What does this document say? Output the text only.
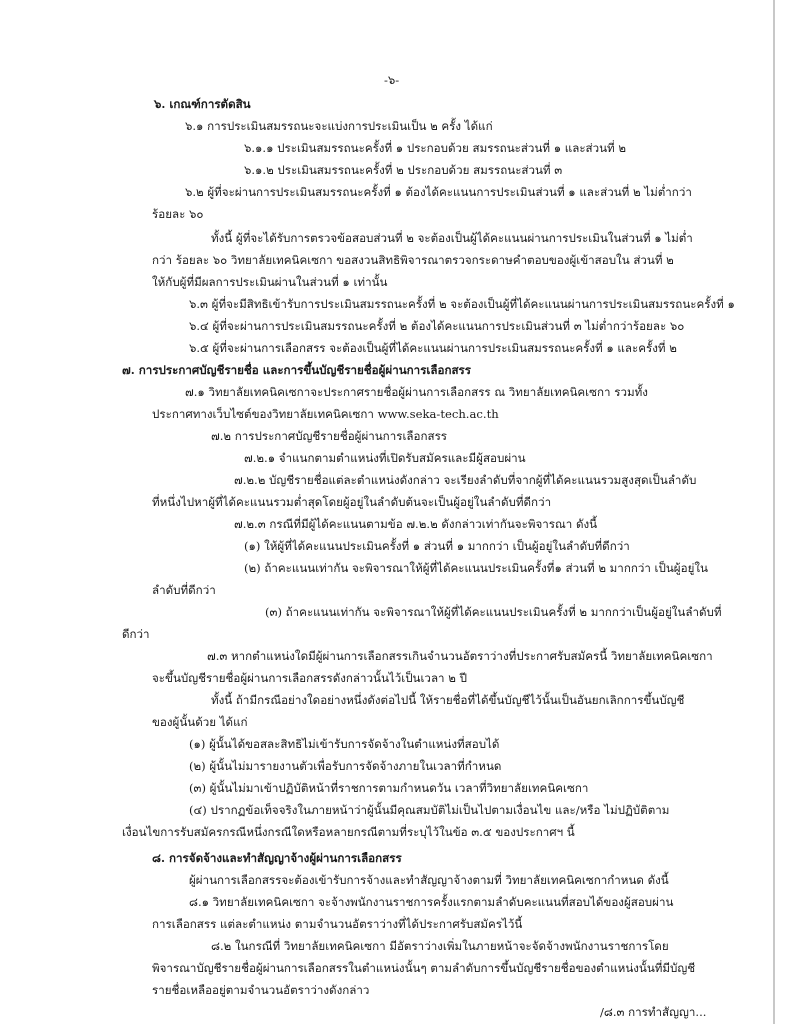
-๖-

๖. เกณฑ์การตัดสิน

๖.๑ การประเมินสมรรถนะจะแบ่งการประเมินเป็น ๒ ครั้ง ได้แก่

๖.๑.๑ ประเมินสมรรถนะครั้งที่ ๑ ประกอบด้วย สมรรถนะส่วนที่ ๑ และส่วนที่ ๒

๖.๑.๒ ประเมินสมรรถนะครั้งที่ ๒ ประกอบด้วย สมรรถนะส่วนที่ ๓

๖.๒ ผู้ที่จะผ่านการประเมินสมรรถนะครั้งที่ ๑ ต้องได้คะแนนการประเมินส่วนที่ ๑ และส่วนที่ ๒ ไม่ต่ำกว่า

ร้อยละ ๖๐

ทั้งนี้ ผู้ที่จะได้รับการตรวจข้อสอบส่วนที่ ๒ จะต้องเป็นผู้ได้คะแนนผ่านการประเมินในส่วนที่ ๑ ไม่ต่ำ

กว่า ร้อยละ ๖๐ วิทยาลัยเทคนิคเซกา ขอสงวนสิทธิพิจารณาตรวจกระดาษคำตอบของผู้เข้าสอบใน ส่วนที่ ๒

ให้กับผู้ที่มีผลการประเมินผ่านในส่วนที่ ๑ เท่านั้น

๖.๓ ผู้ที่จะมีสิทธิเข้ารับการประเมินสมรรถนะครั้งที่ ๒ จะต้องเป็นผู้ที่ได้คะแนนผ่านการประเมินสมรรถนะครั้งที่ ๑

๖.๔ ผู้ที่จะผ่านการประเมินสมรรถนะครั้งที่ ๒ ต้องได้คะแนนการประเมินส่วนที่ ๓ ไม่ต่ำกว่าร้อยละ ๖๐

๖.๕ ผู้ที่จะผ่านการเลือกสรร จะต้องเป็นผู้ที่ได้คะแนนผ่านการประเมินสมรรถนะครั้งที่ ๑ และครั้งที่ ๒

๗. การประกาศบัญชีรายชื่อ และการขึ้นบัญชีรายชื่อผู้ผ่านการเลือกสรร

๗.๑ วิทยาลัยเทคนิคเซกาจะประกาศรายชื่อผู้ผ่านการเลือกสรร ณ วิทยาลัยเทคนิคเซกา รวมทั้ง

ประกาศทางเว็บไซต์ของวิทยาลัยเทคนิคเซกา www.seka-tech.ac.th

๗.๒ การประกาศบัญชีรายชื่อผู้ผ่านการเลือกสรร

๗.๒.๑ จำแนกตามตำแหน่งที่เปิดรับสมัครและมีผู้สอบผ่าน

๗.๒.๒ บัญชีรายชื่อแต่ละตำแหน่งดังกล่าว จะเรียงลำดับที่จากผู้ที่ได้คะแนนรวมสูงสุดเป็นลำดับ

ที่หนึ่งไปหาผู้ที่ได้คะแนนรวมต่ำสุดโดยผู้อยู่ในลำดับต้นจะเป็นผู้อยู่ในลำดับที่ดีกว่า

๗.๒.๓ กรณีที่มีผู้ได้คะแนนตามข้อ ๗.๒.๒ ดังกล่าวเท่ากันจะพิจารณา ดังนี้

(๑) ให้ผู้ที่ได้คะแนนประเมินครั้งที่ ๑ ส่วนที่ ๑ มากกว่า เป็นผู้อยู่ในลำดับที่ดีกว่า

(๒) ถ้าคะแนนเท่ากัน จะพิจารณาให้ผู้ที่ได้คะแนนประเมินครั้งที่๑ ส่วนที่ ๒ มากกว่า เป็นผู้อยู่ใน

ลำดับที่ดีกว่า

(๓) ถ้าคะแนนเท่ากัน จะพิจารณาให้ผู้ที่ได้คะแนนประเมินครั้งที่ ๒ มากกว่าเป็นผู้อยู่ในลำดับที่

ดีกว่า

๗.๓ หากตำแหน่งใดมีผู้ผ่านการเลือกสรรเกินจำนวนอัตราว่างที่ประกาศรับสมัครนี้ วิทยาลัยเทคนิคเซกา

จะขึ้นบัญชีรายชื่อผู้ผ่านการเลือกสรรดังกล่าวนั้นไว้เป็นเวลา ๒ ปี

ทั้งนี้ ถ้ามีกรณีอย่างใดอย่างหนึ่งดังต่อไปนี้ ให้รายชื่อที่ได้ขึ้นบัญชีไว้นั้นเป็นอันยกเลิกการขึ้นบัญชี

ของผู้นั้นด้วย ได้แก่

(๑) ผู้นั้นได้ขอสละสิทธิไม่เข้ารับการจัดจ้างในตำแหน่งที่สอบได้

(๒) ผู้นั้นไม่มารายงานตัวเพื่อรับการจัดจ้างภายในเวลาที่กำหนด

(๓) ผู้นั้นไม่มาเข้าปฏิบัติหน้าที่ราชการตามกำหนดวัน เวลาที่วิทยาลัยเทคนิคเซกา

(๔) ปรากฏข้อเท็จจริงในภายหน้าว่าผู้นั้นมีคุณสมบัติไม่เป็นไปตามเงื่อนไข และ/หรือ ไม่ปฏิบัติตาม

เงื่อนไขการรับสมัครกรณีหนึ่งกรณีใดหรือหลายกรณีตามที่ระบุไว้ในข้อ ๓.๕ ของประกาศฯ นี้

๘. การจัดจ้างและทำสัญญาจ้างผู้ผ่านการเลือกสรร

ผู้ผ่านการเลือกสรรจะต้องเข้ารับการจ้างและทำสัญญาจ้างตามที่ วิทยาลัยเทคนิคเซกากำหนด ดังนี้

๘.๑ วิทยาลัยเทคนิคเซกา จะจ้างพนักงานราชการครั้งแรกตามลำดับคะแนนที่สอบได้ของผู้สอบผ่าน

การเลือกสรร แต่ละตำแหน่ง ตามจำนวนอัตราว่างที่ได้ประกาศรับสมัครไว้นี้

๘.๒ ในกรณีที่ วิทยาลัยเทคนิคเซกา มีอัตราว่างเพิ่มในภายหน้าจะจัดจ้างพนักงานราชการโดย

พิจารณาบัญชีรายชื่อผู้ผ่านการเลือกสรรในตำแหน่งนั้นๆ ตามลำดับการขึ้นบัญชีรายชื่อของตำแหน่งนั้นที่มีบัญชี

รายชื่อเหลืออยู่ตามจำนวนอัตราว่างดังกล่าว

/๘.๓ การทำสัญญา...
